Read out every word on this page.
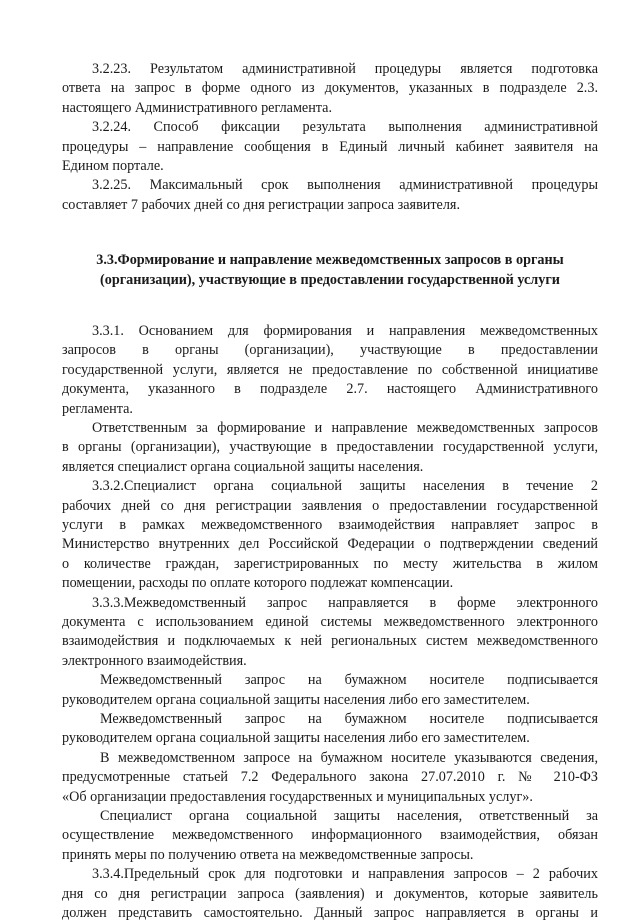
3.2.23. Результатом административной процедуры является подготовка
ответа на запрос в форме одного из документов, указанных в подразделе 2.3.
настоящего Административного регламента.
3.2.24. Способ фиксации результата выполнения административной
процедуры – направление сообщения в Единый личный кабинет заявителя на
Едином портале.
3.2.25. Максимальный срок выполнения административной процедуры
составляет 7 рабочих дней со дня регистрации запроса заявителя.
3.3.Формирование и направление межведомственных запросов в органы
(организации), участвующие в предоставлении государственной услуги
3.3.1. Основанием для формирования и направления межведомственных
запросов в органы (организации), участвующие в предоставлении
государственной услуги, является не предоставление по собственной инициативе
документа, указанного в подразделе 2.7. настоящего Административного
регламента.
Ответственным за формирование и направление межведомственных запросов
в органы (организации), участвующие в предоставлении государственной услуги,
является специалист органа социальной защиты населения.
3.3.2.Специалист органа социальной защиты населения в течение 2
рабочих дней со дня регистрации заявления о предоставлении государственной
услуги в рамках межведомственного взаимодействия направляет запрос в
Министерство внутренних дел Российской Федерации о подтверждении сведений
о количестве граждан, зарегистрированных по месту жительства в жилом
помещении, расходы по оплате которого подлежат компенсации.
3.3.3.Межведомственный запрос направляется в форме электронного
документа с использованием единой системы межведомственного электронного
взаимодействия и подключаемых к ней региональных систем межведомственного
электронного взаимодействия.
Межведомственный запрос на бумажном носителе подписывается
руководителем органа социальной защиты населения либо его заместителем.
Межведомственный запрос на бумажном носителе подписывается
руководителем органа социальной защиты населения либо его заместителем.
В межведомственном запросе на бумажном носителе указываются сведения,
предусмотренные статьей 7.2 Федерального закона 27.07.2010 г. № 210-ФЗ
«Об организации предоставления государственных и муниципальных услуг».
Специалист органа социальной защиты населения, ответственный за
осуществление межведомственного информационного взаимодействия, обязан
принять меры по получению ответа на межведомственные запросы.
3.3.4.Предельный срок для подготовки и направления запросов – 2 рабочих
дня со дня регистрации запроса (заявления) и документов, которые заявитель
должен представить самостоятельно. Данный запрос направляется в органы и
